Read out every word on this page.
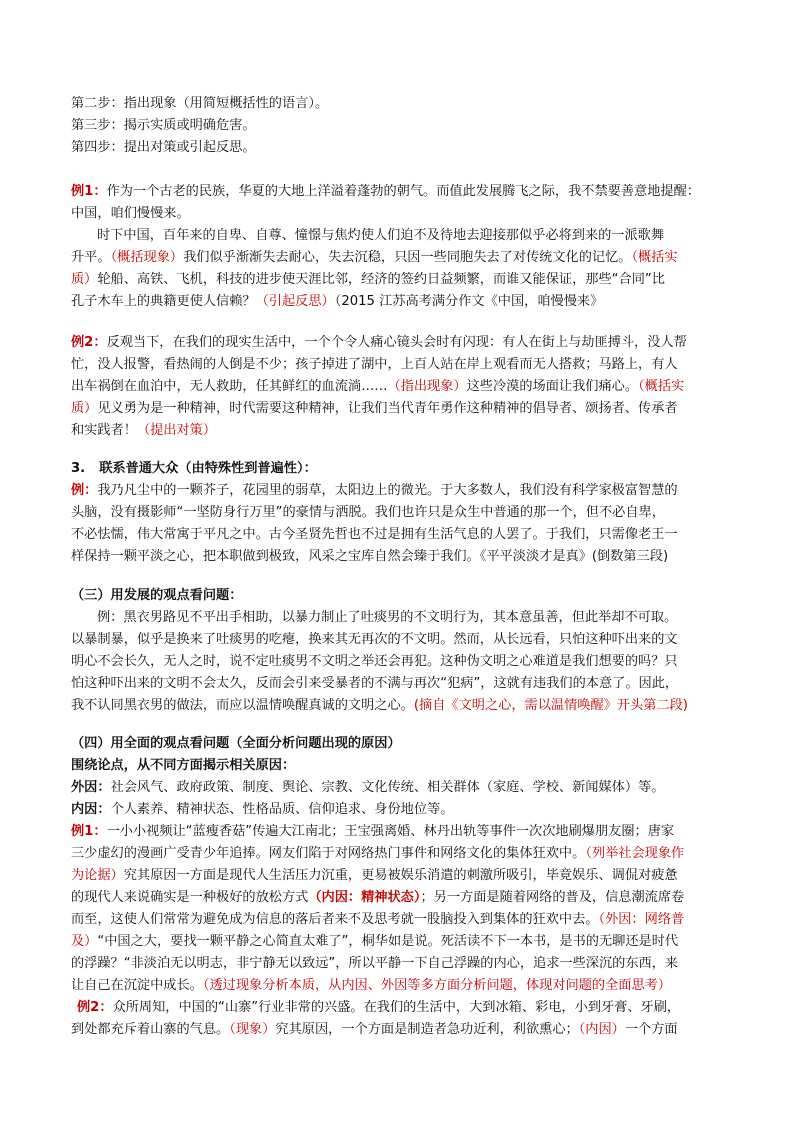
第二步：指出现象（用简短概括性的语言）。
第三步：揭示实质或明确危害。
第四步：提出对策或引起反思。
例1：作为一个古老的民族，华夏的大地上洋溢着蓬勃的朝气。而值此发展腾飞之际，我不禁要善意地提醒：
中国，咱们慢慢来。
时下中国，百年来的自卑、自尊、憧憬与焦灼使人们迫不及待地去迎接那似乎必将到来的一派歌舞
升平。（概括现象）我们似乎渐渐失去耐心，失去沉稳，只因一些同胞失去了对传统文化的记忆。（概括实
质）轮船、高铁、飞机，科技的进步使天涯比邻，经济的签约日益频繁，而谁又能保证，那些“合同”比
孔子木车上的典籍更使人信赖？（引起反思）（2015 江苏高考满分作文《中国，咱慢慢来》
例2：反观当下，在我们的现实生活中，一个个令人痛心镜头会时有闪现：有人在街上与劫匪搏斗，没人帮
忙，没人报警，看热闹的人倒是不少；孩子掉进了湖中，上百人站在岸上观看而无人搭救；马路上，有人
出车祸倒在血泊中，无人救助，任其鲜红的血流淌……（指出现象）这些冷漠的场面让我们痛心。（概括实
质）见义勇为是一种精神，时代需要这种精神，让我们当代青年勇作这种精神的倡导者、颂扬者、传承者
和实践者！（提出对策）
3. 联系普通大众（由特殊性到普遍性）：
例：我乃凡尘中的一颗芥子，花园里的弱草，太阳边上的微光。于大多数人，我们没有科学家极富智慧的
头脑，没有摄影师“一坚防身行万里”的豪情与洒脱。我们也许只是众生中普通的那一个，但不必自卑，
不必怯懦，伟大常寓于平凡之中。古今圣贤先哲也不过是拥有生活气息的人罢了。于我们，只需像老王一
样保持一颗平淡之心，把本职做到极致，风采之宝库自然会臻于我们。《平平淡淡才是真》(倒数第三段)
（三）用发展的观点看问题：
例：黑衣男路见不平出手相助，以暴力制止了吐痰男的不文明行为，其本意虽善，但此举却不可取。
以暴制暴，似乎是换来了吐痰男的吃瘪，换来其无再次的不文明。然而，从长远看，只怕这种吓出来的文
明心不会长久，无人之时，说不定吐痰男不文明之举还会再犯。这种伪文明之心难道是我们想要的吗？只
怕这种吓出来的文明不会太久，反而会引来受暴者的不满与再次“犯病”，这就有违我们的本意了。因此，
我不认同黑衣男的做法，而应以温情唤醒真诚的文明之心。(摘自《文明之心，需以温情唤醒》开头第二段)
（四）用全面的观点看问题（全面分析问题出现的原因）
围绕论点，从不同方面揭示相关原因：
外因：社会风气、政府政策、制度、舆论、宗教、文化传统、相关群体（家庭、学校、新闻媒体）等。
内因：个人素养、精神状态、性格品质、信仰追求、身份地位等。
例1：一小小视频让“蓝瘦香菇”传遍大江南北；王宝强离婚、林丹出轨等事件一次次地刷爆朋友圈；唐家
三少虚幻的漫画广受青少年追捧。网友们陷于对网络热门事件和网络文化的集体狂欢中。（列举社会现象作
为论据）究其原因一方面是现代人生活压力沉重，更易被娱乐消遣的刺激所吸引，毕竟娱乐、调侃对疲惫
的现代人来说确实是一种极好的放松方式（内因：精神状态）；另一方面是随着网络的普及，信息潮流席卷
而至，这使人们常常为避免成为信息的落后者来不及思考就一股脑投入到集体的狂欢中去。（外因：网络普
及）“中国之大，要找一颗平静之心简直太难了”，桐华如是说。死活读不下一本书，是书的无聊还是时代
的浮躁？“非淡泊无以明志，非宁静无以致远”，所以平静一下自己浮躁的内心，追求一些深沉的东西，来
让自己在沉淀中成长。（透过现象分析本质，从内因、外因等多方面分析问题，体现对问题的全面思考）
例2：众所周知，中国的“山寨”行业非常的兴盛。在我们的生活中，大到冰箱、彩电，小到牙膏、牙刷，
到处都充斥着山寨的气息。（现象）究其原因，一个方面是制造者急功近利，利欲熏心；（内因）一个方面
